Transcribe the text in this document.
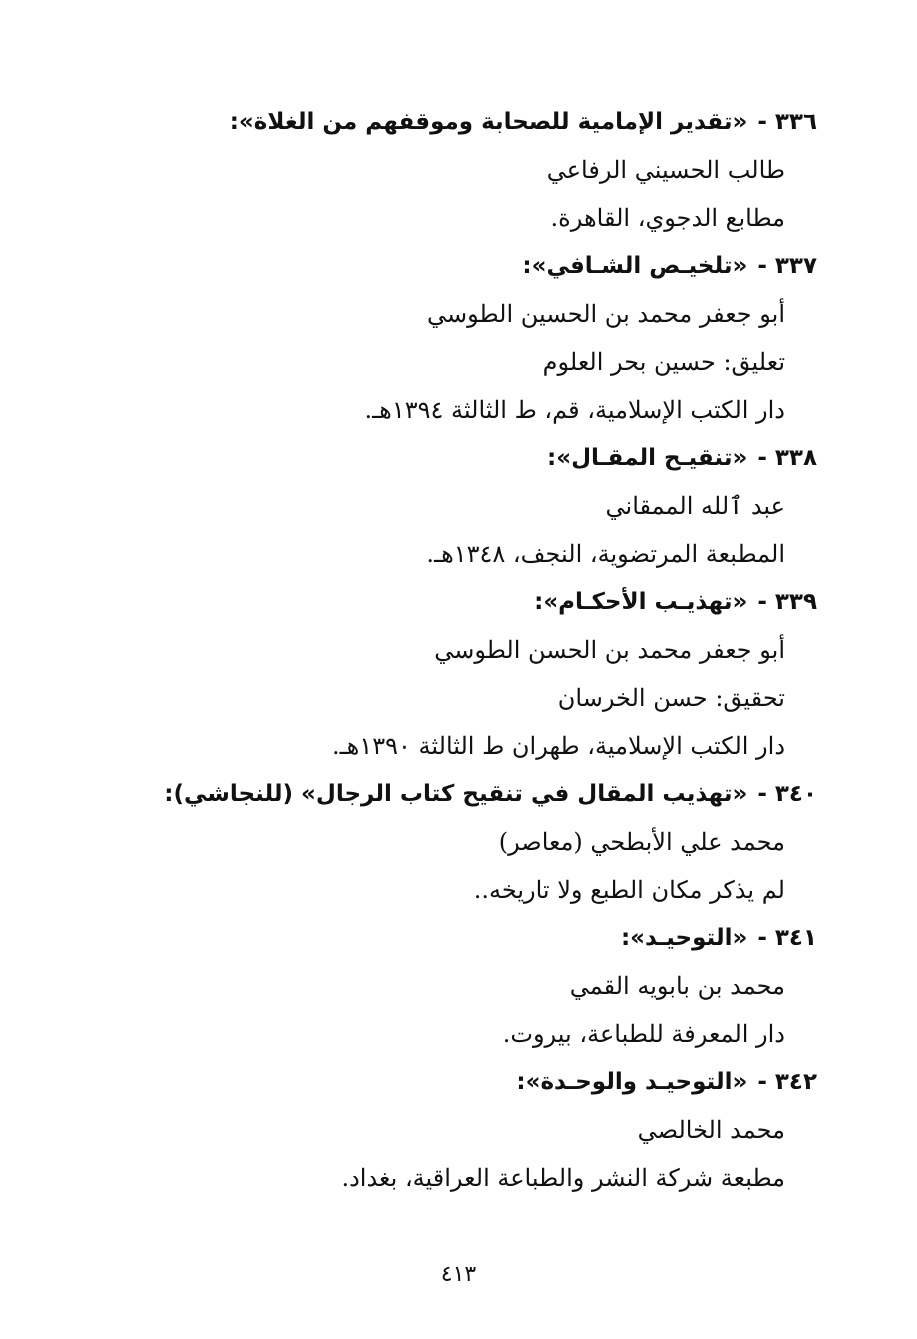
٣٣٦
-
«تقدير الإمامية للصحابة وموقفهم من الغلاة»:
طالب الحسيني الرفاعي
مطابع الدجوي، القاهرة.
٣٣٧
-
«تلخيـص الشـافي»:
أبو جعفر محمد بن الحسين الطوسي
تعليق: حسين بحر العلوم
دار الكتب الإسلامية، قم، ط الثالثة ١٣٩٤هـ.
٣٣٨
-
«تنقيـح المقـال»:
عبد ٱلله الممقاني
المطبعة المرتضوية، النجف، ١٣٤٨هـ.
٣٣٩
-
«تهذيـب الأحكـام»:
أبو جعفر محمد بن الحسن الطوسي
تحقيق: حسن الخرسان
دار الكتب الإسلامية، طهران ط الثالثة ١٣٩٠هـ.
٣٤٠
-
«تهذيب المقال في تنقيح كتاب الرجال» (للنجاشي):
محمد علي الأبطحي (معاصر)
لم يذكر مكان الطبع ولا تاريخه..
٣٤١
-
«التوحيـد»:
محمد بن بابويه القمي
دار المعرفة للطباعة، بيروت.
٣٤٢
-
«التوحيـد والوحـدة»:
محمد الخالصي
مطبعة شركة النشر والطباعة العراقية، بغداد.
٤١٣
